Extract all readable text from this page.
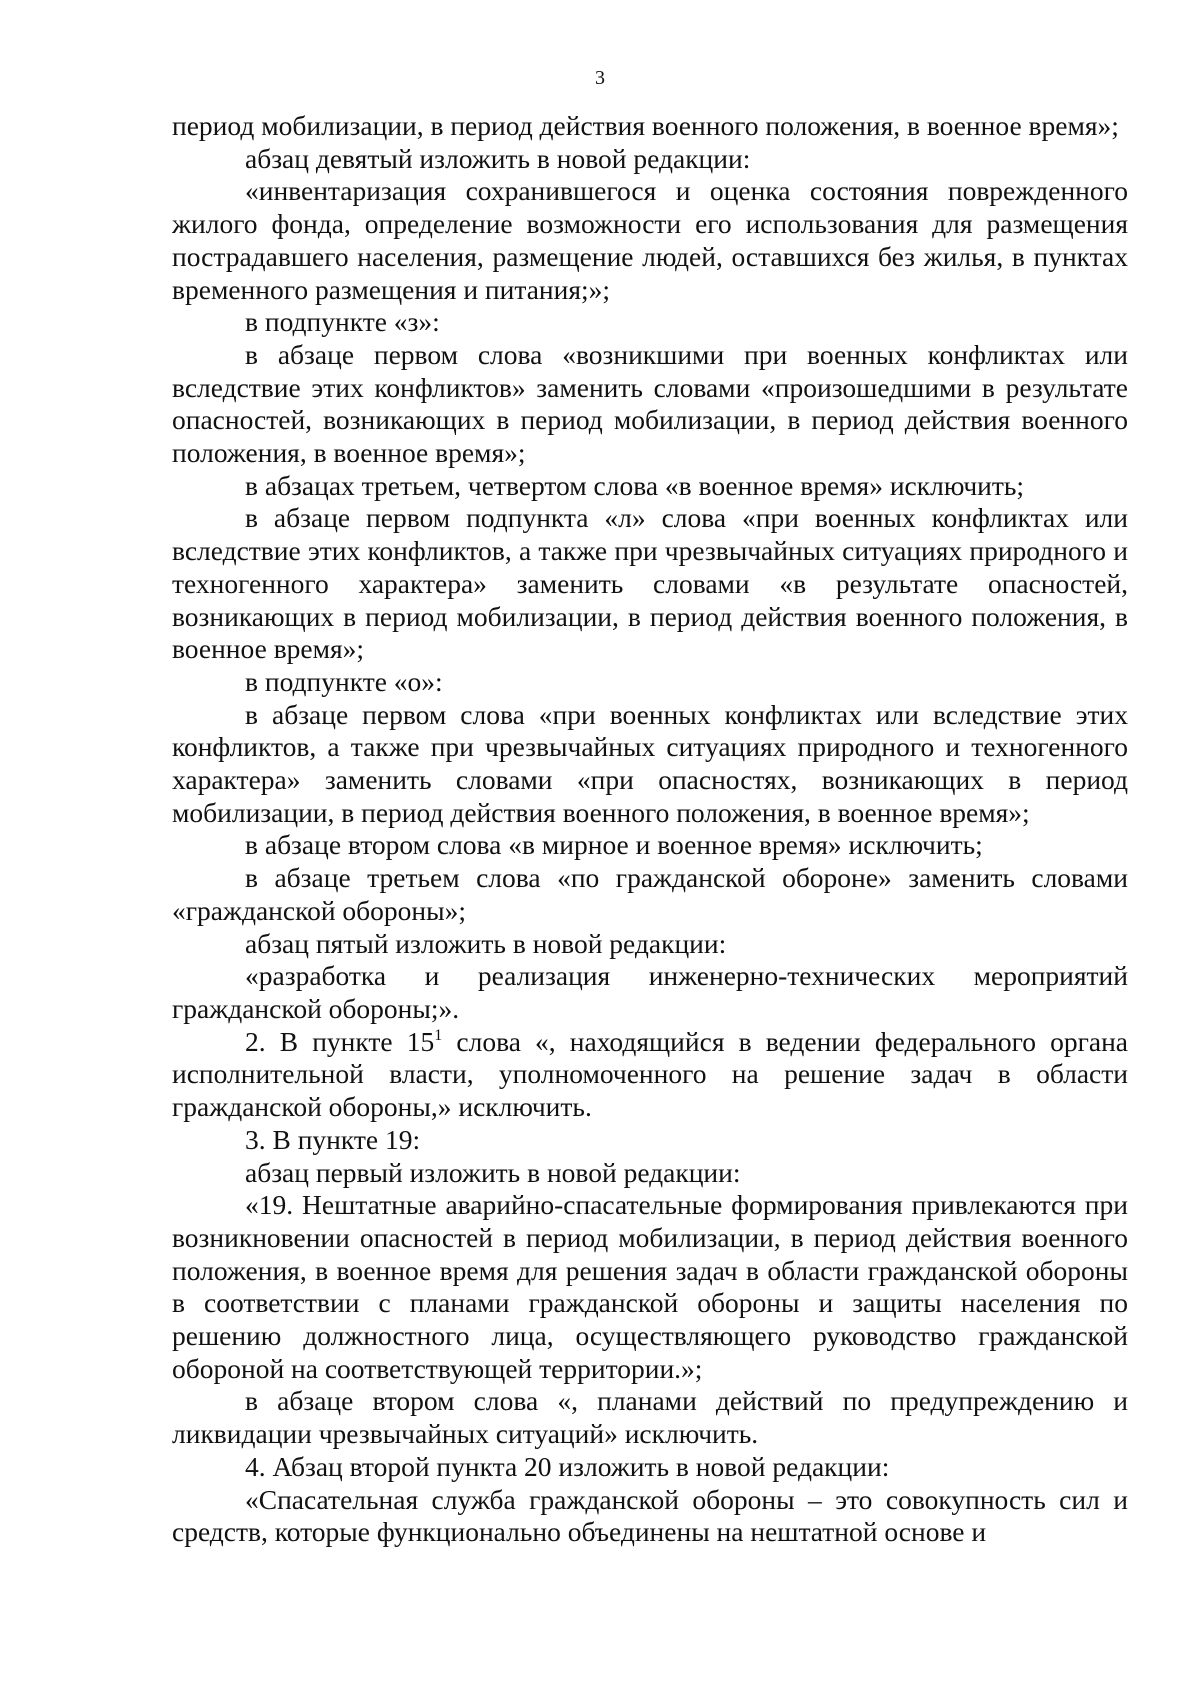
3

период мобилизации, в период действия военного положения, в военное время»;

абзац девятый изложить в новой редакции:

«инвентаризация сохранившегося и оценка состояния поврежденного жилого фонда, определение возможности его использования для размещения пострадавшего населения, размещение людей, оставшихся без жилья, в пунктах временного размещения и питания;»;

в подпункте «з»:

в абзаце первом слова «возникшими при военных конфликтах или вследствие этих конфликтов» заменить словами «произошедшими в результате опасностей, возникающих в период мобилизации, в период действия военного положения, в военное время»;

в абзацах третьем, четвертом слова «в военное время» исключить;

в абзаце первом подпункта «л» слова «при военных конфликтах или вследствие этих конфликтов, а также при чрезвычайных ситуациях природного и техногенного характера» заменить словами «в результате опасностей, возникающих в период мобилизации, в период действия военного положения, в военное время»;

в подпункте «о»:

в абзаце первом слова «при военных конфликтах или вследствие этих конфликтов, а также при чрезвычайных ситуациях природного и техногенного характера» заменить словами «при опасностях, возникающих в период мобилизации, в период действия военного положения, в военное время»;

в абзаце втором слова «в мирное и военное время» исключить;

в абзаце третьем слова «по гражданской обороне» заменить словами «гражданской обороны»;

абзац пятый изложить в новой редакции:

«разработка и реализация инженерно-технических мероприятий гражданской обороны;».

2. В пункте $15^1$ слова «, находящийся в ведении федерального органа исполнительной власти, уполномоченного на решение задач в области гражданской обороны,» исключить.

3. В пункте 19:

абзац первый изложить в новой редакции:

«19. Нештатные аварийно-спасательные формирования привлекаются при возникновении опасностей в период мобилизации, в период действия военного положения, в военное время для решения задач в области гражданской обороны в соответствии с планами гражданской обороны и защиты населения по решению должностного лица, осуществляющего руководство гражданской обороной на соответствующей территории.»;

в абзаце втором слова «, планами действий по предупреждению и ликвидации чрезвычайных ситуаций» исключить.

4. Абзац второй пункта 20 изложить в новой редакции:

«Спасательная служба гражданской обороны – это совокупность сил и средств, которые функционально объединены на нештатной основе и
